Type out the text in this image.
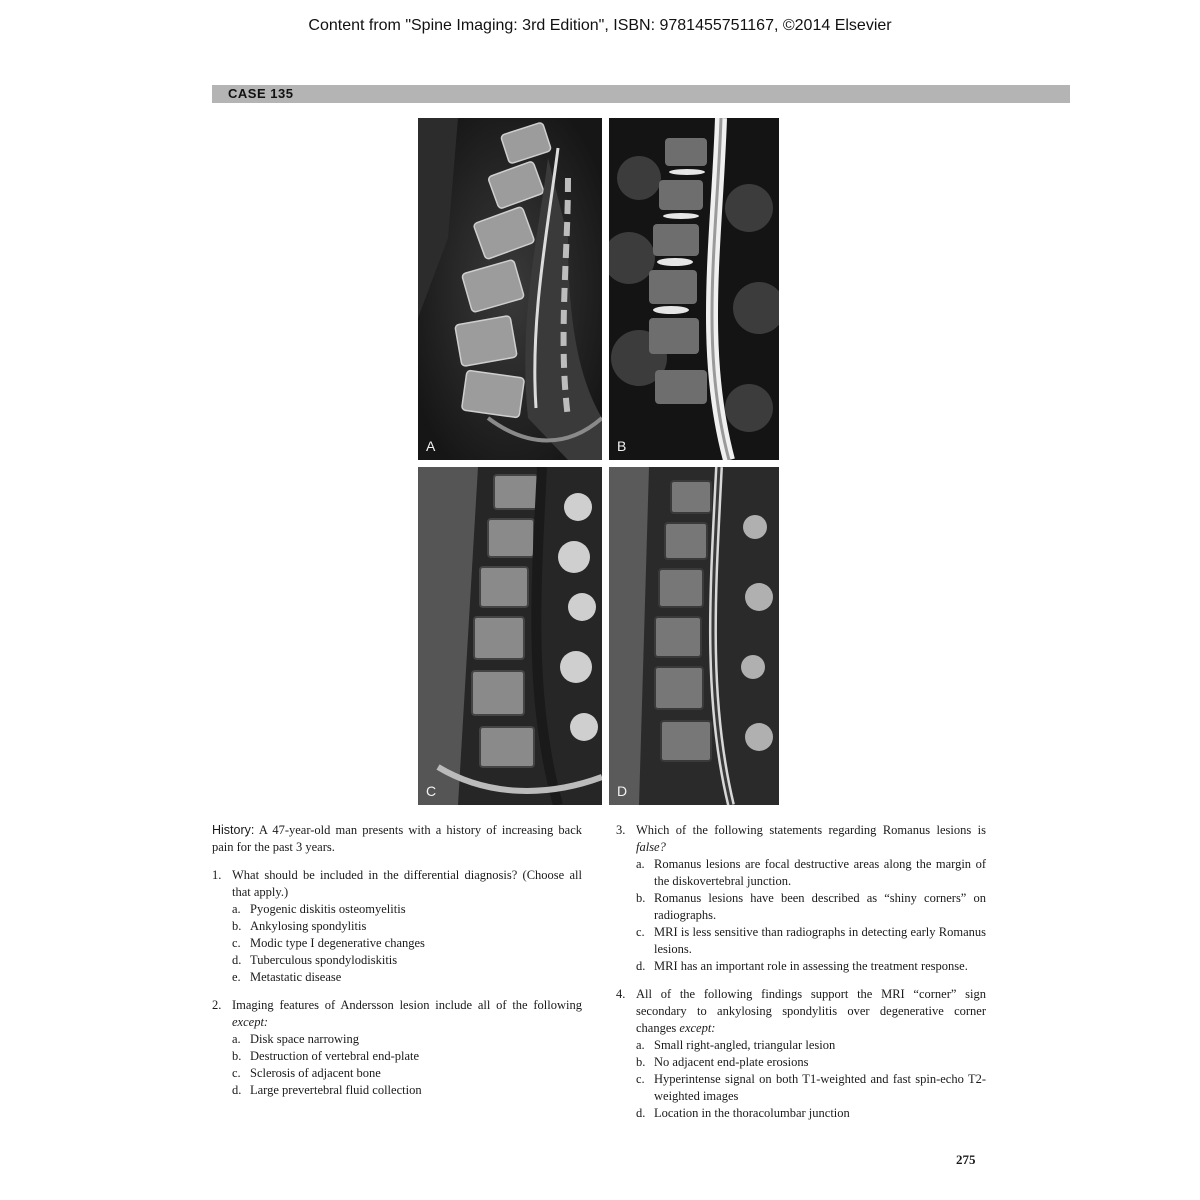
Content from "Spine Imaging: 3rd Edition", ISBN: 9781455751167, ©2014 Elsevier
CASE 135
A	B
C	D

History: A 47-year-old man presents with a history of increasing back pain for the past 3 years.

1. What should be included in the differential diagnosis? (Choose all that apply.)
a. Pyogenic diskitis osteomyelitis
b. Ankylosing spondylitis
c. Modic type I degenerative changes
d. Tuberculous spondylodiskitis
e. Metastatic disease
2. Imaging features of Andersson lesion include all of the following except:
a. Disk space narrowing
b. Destruction of vertebral end-plate
c. Sclerosis of adjacent bone
d. Large prevertebral fluid collection
3. Which of the following statements regarding Romanus lesions is false?
a. Romanus lesions are focal destructive areas along the margin of the diskovertebral junction.
b. Romanus lesions have been described as “shiny corners” on radiographs.
c. MRI is less sensitive than radiographs in detecting early Romanus lesions.
d. MRI has an important role in assessing the treatment response.
4. All of the following findings support the MRI “corner” sign secondary to ankylosing spondylitis over degenerative corner changes except:
a. Small right-angled, triangular lesion
b. No adjacent end-plate erosions
c. Hyperintense signal on both T1-weighted and fast spin-echo T2-weighted images
d. Location in the thoracolumbar junction
275
